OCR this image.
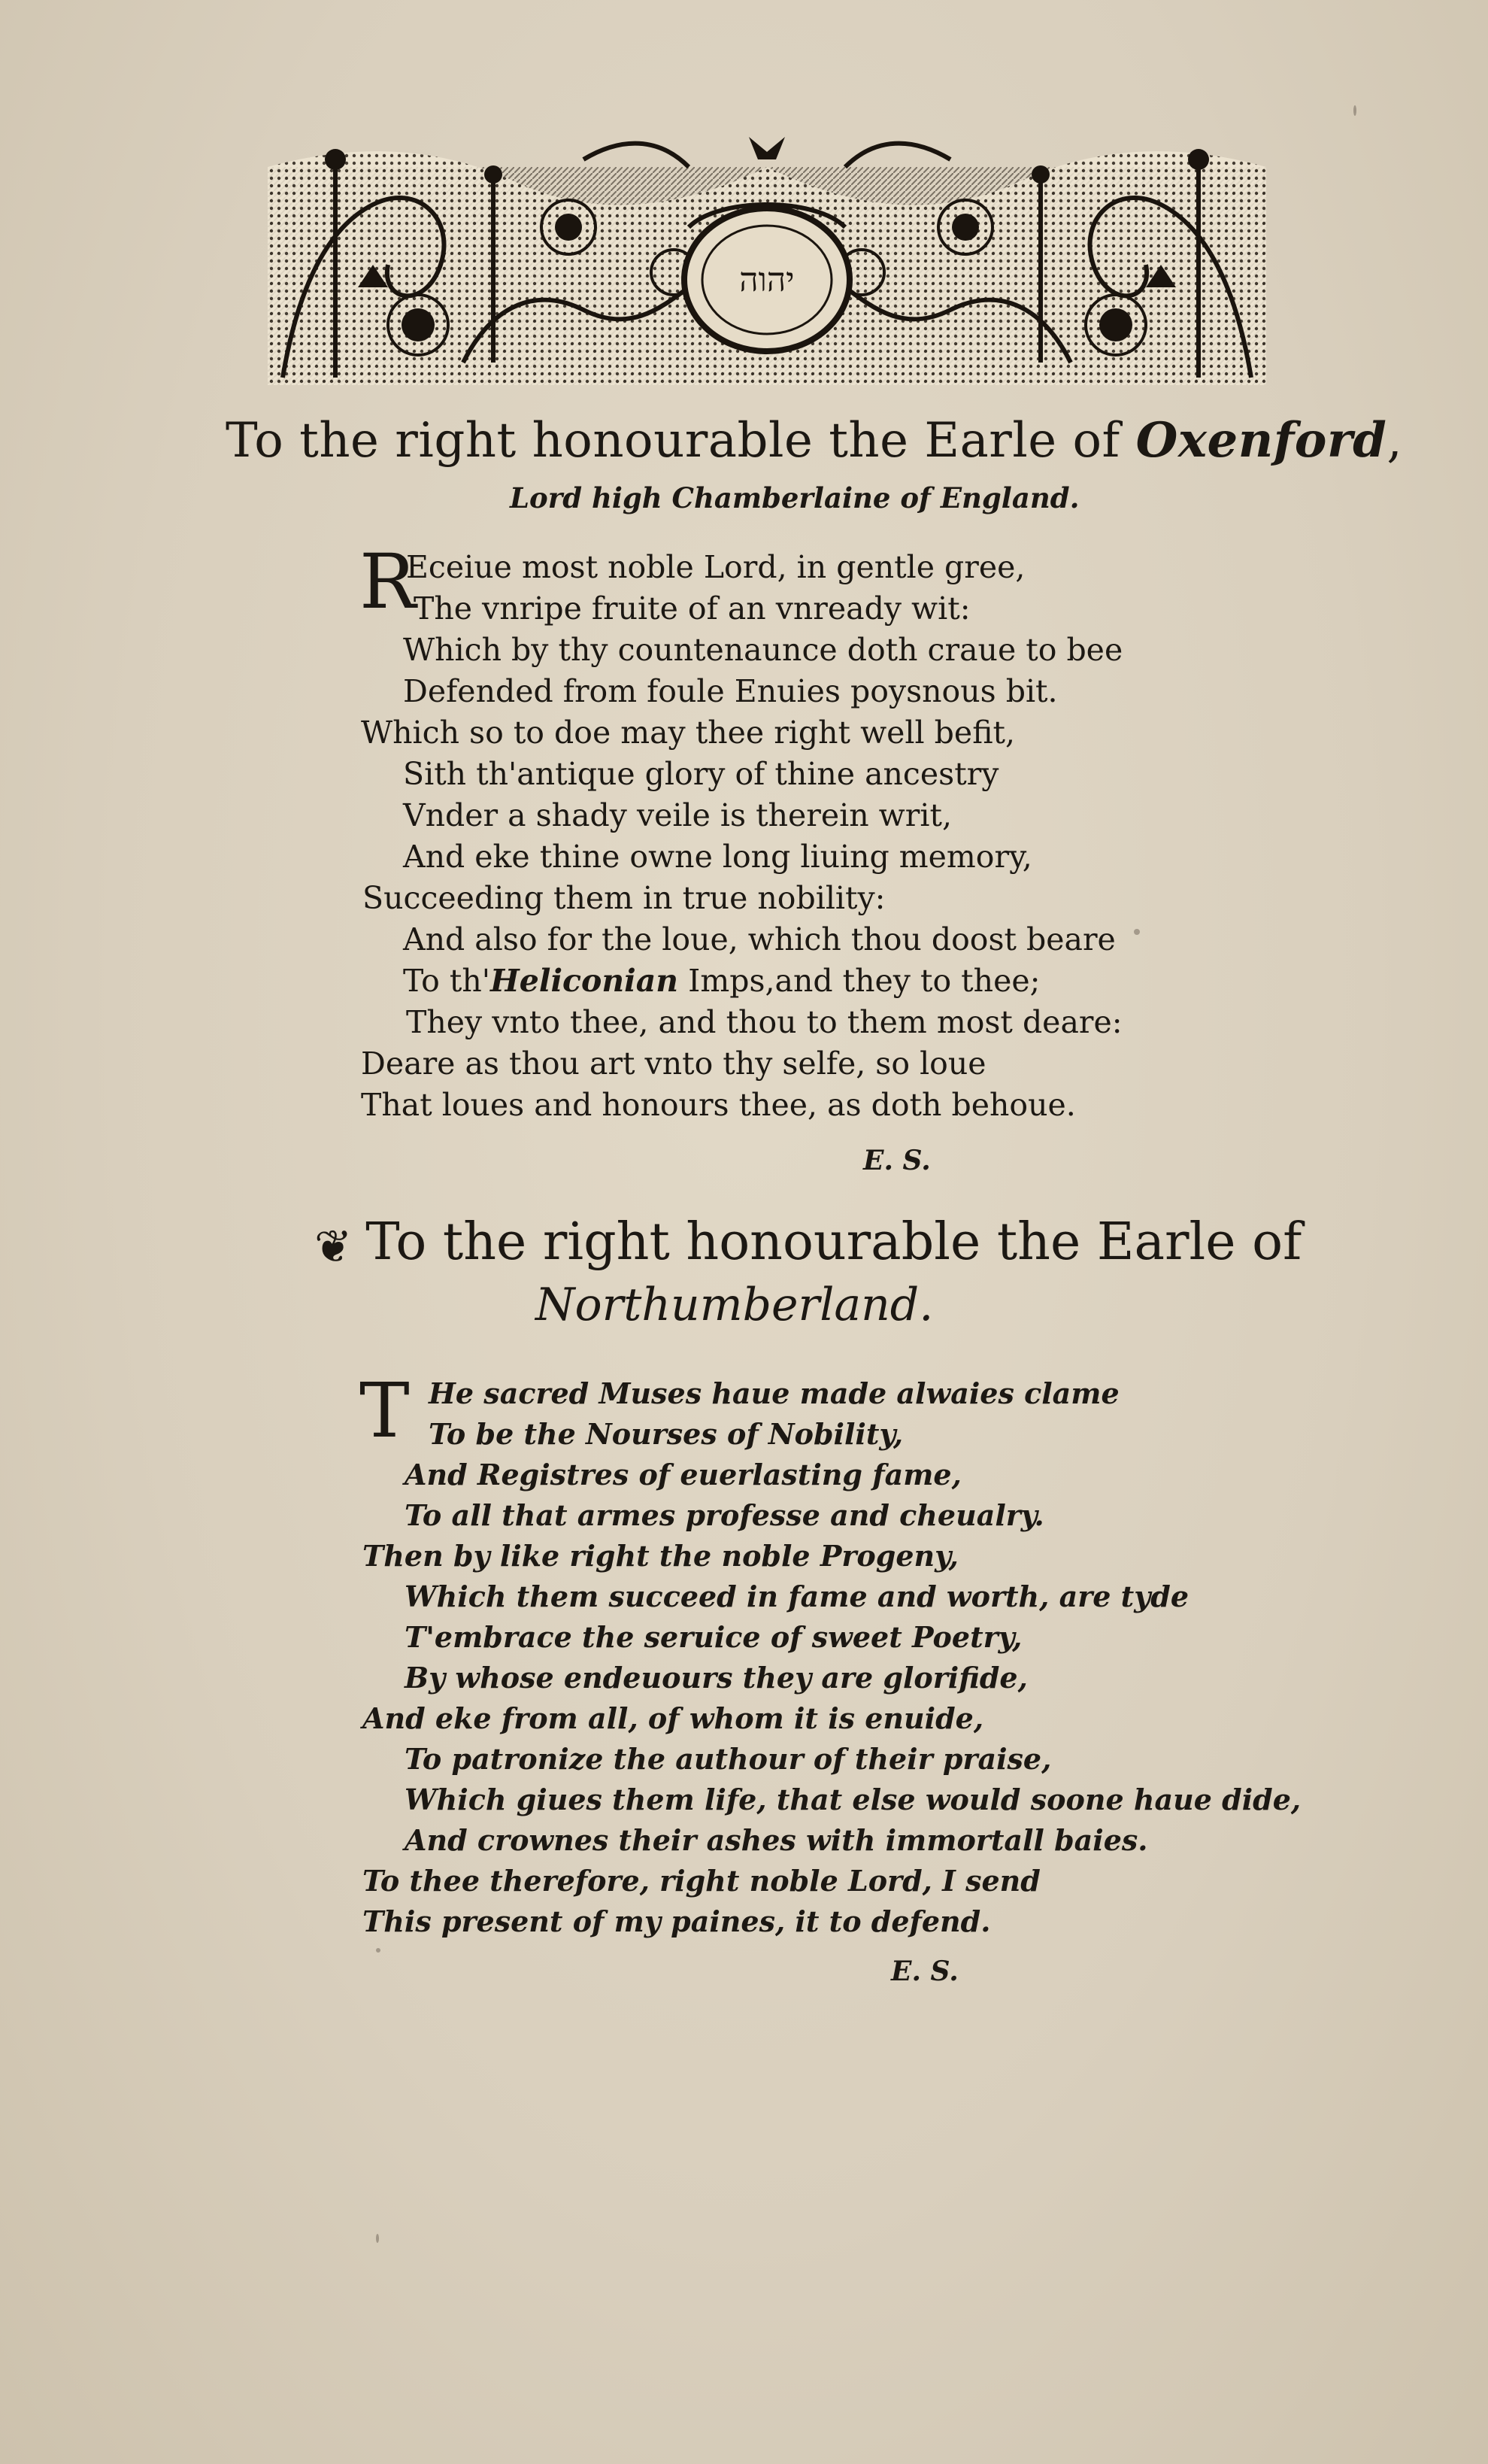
יהוה
To the right honourable the Earle of Oxenford,
Lord high Chamberlaine of England.
R
Eceiue most noble Lord, in gentle gree,
The vnripe fruite of an vnready wit:
Which by thy countenaunce doth craue to bee
Defended from foule Enuies poysnous bit.
Which so to doe may thee right well befit,
Sith th'antique glory of thine ancestry
Vnder a shady veile is therein writ,
And eke thine owne long liuing memory,
Succeeding them in true nobility:
And also for the loue, which thou doost beare
To th'Heliconian Imps,and they to thee;
They vnto thee, and thou to them most deare:
Deare as thou art vnto thy selfe, so loue
That loues and honours thee, as doth behoue.
E. S.
❦ To the right honourable the Earle of
Northumberland.
T He sacred Muses haue made alwaies clame
To be the Nourses of Nobility,
And Registres of euerlasting fame,
To all that armes professe and cheualry.
Then by like right the noble Progeny,
Which them succeed in fame and worth, are tyde
T'embrace the seruice of sweet Poetry,
By whose endeuours they are glorifide,
And eke from all, of whom it is enuide,
To patronize the authour of their praise,
Which giues them life, that else would soone haue dide,
And crownes their ashes with immortall baies.
To thee therefore, right noble Lord, I send
This present of my paines, it to defend.
E. S.
